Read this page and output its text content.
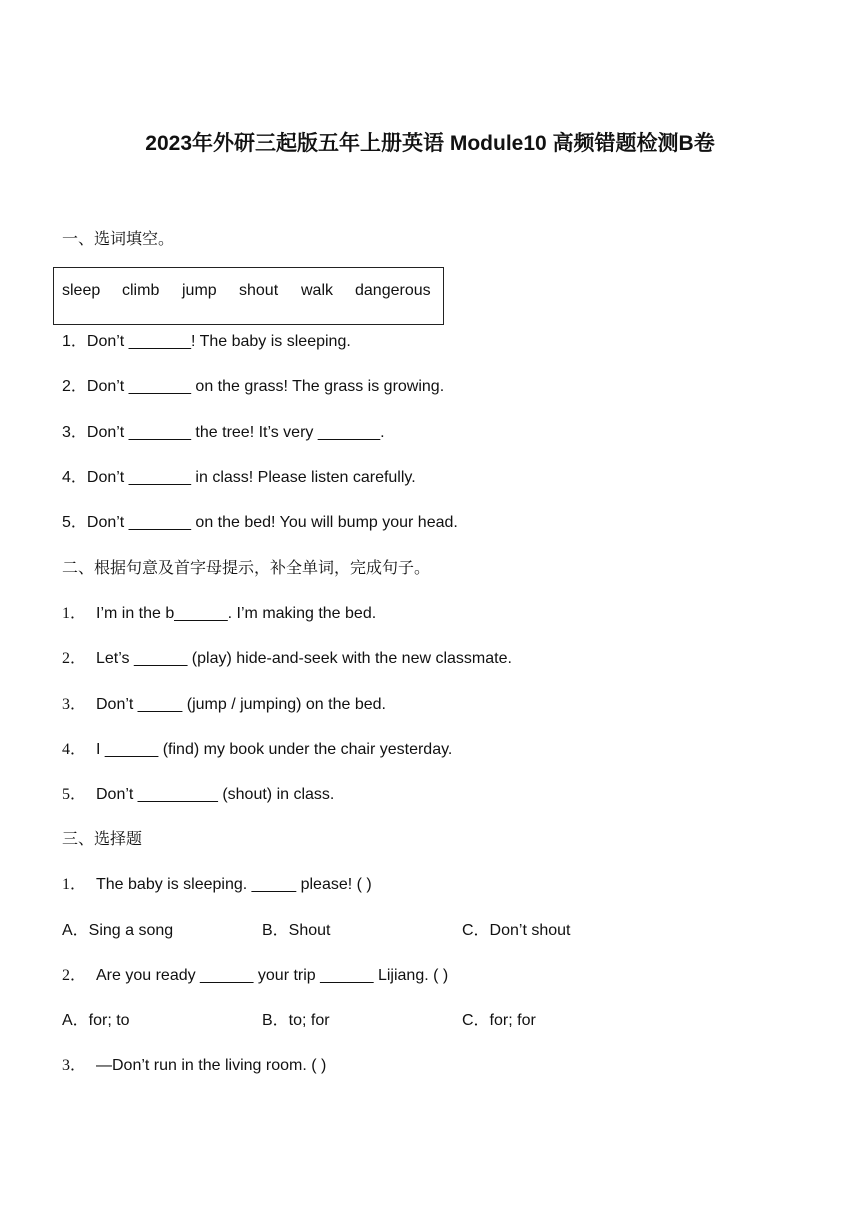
2023年外研三起版五年上册英语 Module10 高频错题检测B卷
一、选词填空。
sleep climb jump shout walk dangerous
1．Don’t _______! The baby is sleeping.
2．Don’t _______ on the grass! The grass is growing.
3．Don’t _______ the tree! It’s very _______.
4．Don’t _______ in class! Please listen carefully.
5．Don’t _______ on the bed! You will bump your head.
二、根据句意及首字母提示，补全单词，完成句子。
1． I’m in the b______. I’m making the bed.
2． Let’s ______ (play) hide-and-seek with the new classmate.
3． Don’t _____ (jump / jumping) on the bed.
4． I ______ (find) my book under the chair yesterday.
5． Don’t _________ (shout) in class.
三、选择题
1． The baby is sleeping. _____ please! ( )
A．Sing a song	B．Shout	C．Don’t shout
2． Are you ready ______ your trip ______ Lijiang. ( )
A．for; to	B．to; for	C．for; for
3． —Don’t run in the living room. ( )
